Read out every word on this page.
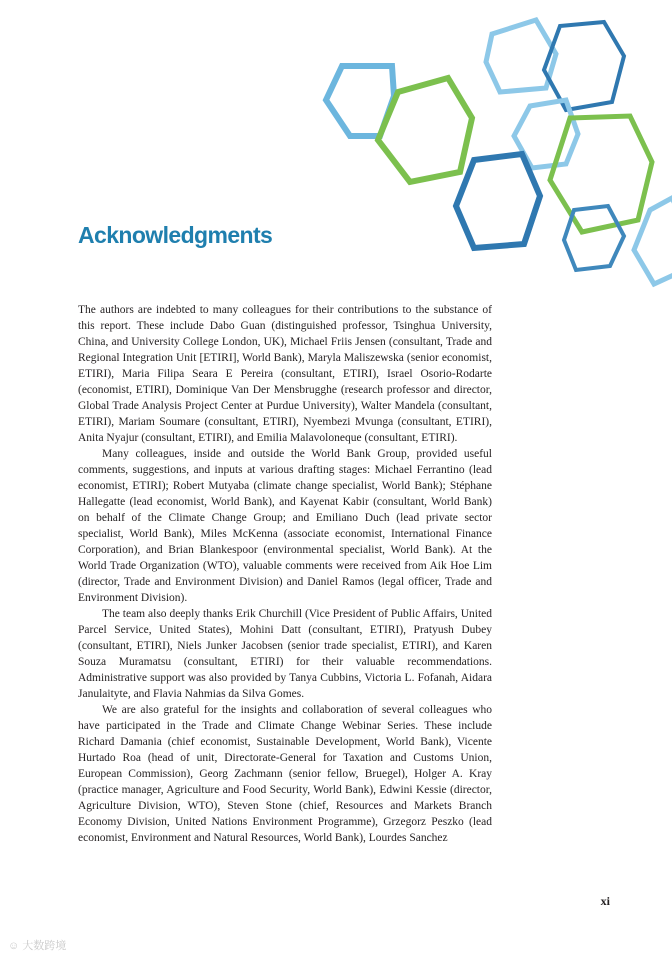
Acknowledgments

The authors are indebted to many colleagues for their contributions to the substance of this report. These include Dabo Guan (distinguished professor, Tsinghua University, China, and University College London, UK), Michael Friis Jensen (consultant, Trade and Regional Integration Unit [ETIRI], World Bank), Maryla Maliszewska (senior economist, ETIRI), Maria Filipa Seara E Pereira (consultant, ETIRI), Israel Osorio-Rodarte (economist, ETIRI), Dominique Van Der Mensbrugghe (research professor and director, Global Trade Analysis Project Center at Purdue University), Walter Mandela (consultant, ETIRI), Mariam Soumare (consultant, ETIRI), Nyembezi Mvunga (consultant, ETIRI), Anita Nyajur (consultant, ETIRI), and Emilia Malavoloneque (consultant, ETIRI).

Many colleagues, inside and outside the World Bank Group, provided useful comments, suggestions, and inputs at various drafting stages: Michael Ferrantino (lead economist, ETIRI); Robert Mutyaba (climate change specialist, World Bank); Stéphane Hallegatte (lead economist, World Bank), and Kayenat Kabir (consultant, World Bank) on behalf of the Climate Change Group; and Emiliano Duch (lead private sector specialist, World Bank), Miles McKenna (associate economist, International Finance Corporation), and Brian Blankespoor (environmental specialist, World Bank). At the World Trade Organization (WTO), valuable comments were received from Aik Hoe Lim (director, Trade and Environment Division) and Daniel Ramos (legal officer, Trade and Environment Division).

The team also deeply thanks Erik Churchill (Vice President of Public Affairs, United Parcel Service, United States), Mohini Datt (consultant, ETIRI), Pratyush Dubey (consultant, ETIRI), Niels Junker Jacobsen (senior trade specialist, ETIRI), and Karen Souza Muramatsu (consultant, ETIRI) for their valuable recommendations. Administrative support was also provided by Tanya Cubbins, Victoria L. Fofanah, Aidara Janulaityte, and Flavia Nahmias da Silva Gomes.

We are also grateful for the insights and collaboration of several colleagues who have participated in the Trade and Climate Change Webinar Series. These include Richard Damania (chief economist, Sustainable Development, World Bank), Vicente Hurtado Roa (head of unit, Directorate-General for Taxation and Customs Union, European Commission), Georg Zachmann (senior fellow, Bruegel), Holger A. Kray (practice manager, Agriculture and Food Security, World Bank), Edwini Kessie (director, Agriculture Division, WTO), Steven Stone (chief, Resources and Markets Branch Economy Division, United Nations Environment Programme), Grzegorz Peszko (lead economist, Environment and Natural Resources, World Bank), Lourdes Sanchez

xi
☺ 大数跨境
